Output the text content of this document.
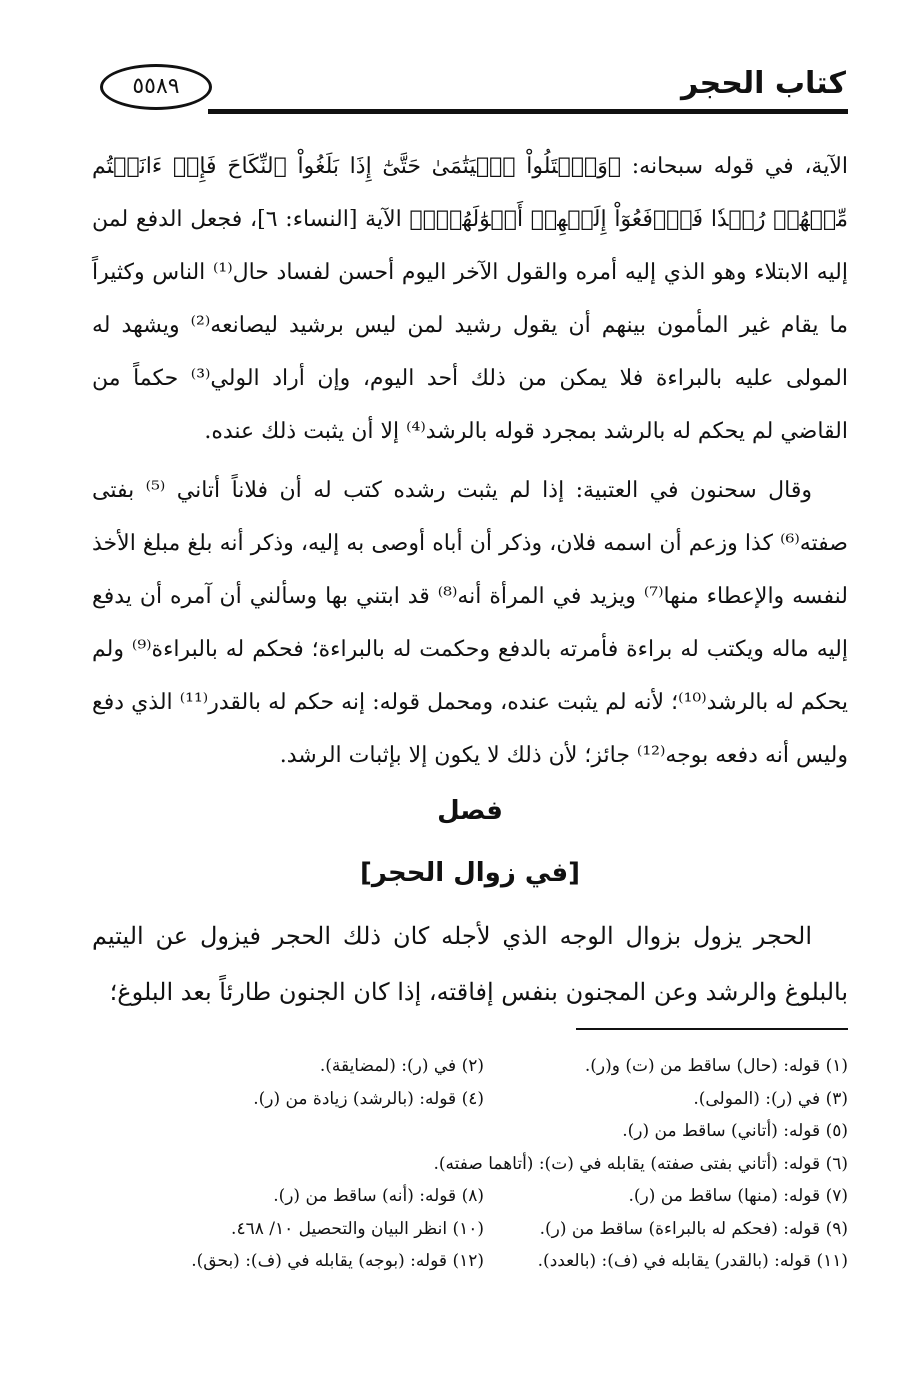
٥٥٨٩	كتاب الحجر

الآية، في قوله سبحانه: ﴿وَٱبۡتَلُواْ ٱلۡيَتَٰمَىٰ حَتَّىٰٓ إِذَا بَلَغُواْ ٱلنِّكَاحَ فَإِنۡ ءَانَسۡتُم مِّنۡهُمۡ رُشۡدٗا فَٱدۡفَعُوٓاْ إِلَيۡهِمۡ أَمۡوَٰلَهُمۡۖ﴾ الآية [النساء: ٦]، فجعل الدفع لمن إليه الابتلاء وهو الذي إليه أمره والقول الآخر اليوم أحسن لفساد حال⁽¹⁾ الناس وكثيراً ما يقام غير المأمون بينهم أن يقول رشيد لمن ليس برشيد ليصانعه⁽²⁾ ويشهد له المولى عليه بالبراءة فلا يمكن من ذلك أحد اليوم، وإن أراد الولي⁽³⁾ حكماً من القاضي لم يحكم له بالرشد بمجرد قوله بالرشد⁽⁴⁾ إلا أن يثبت ذلك عنده.

وقال سحنون في العتبية: إذا لم يثبت رشده كتب له أن فلاناً أتاني ⁽⁵⁾ بفتى صفته⁽⁶⁾ كذا وزعم أن اسمه فلان، وذكر أن أباه أوصى به إليه، وذكر أنه بلغ مبلغ الأخذ لنفسه والإعطاء منها⁽⁷⁾ ويزيد في المرأة أنه⁽⁸⁾ قد ابتني بها وسألني أن آمره أن يدفع إليه ماله ويكتب له براءة فأمرته بالدفع وحكمت له بالبراءة؛ فحكم له بالبراءة⁽⁹⁾ ولم يحكم له بالرشد⁽¹⁰⁾؛ لأنه لم يثبت عنده، ومحمل قوله: إنه حكم له بالقدر⁽¹¹⁾ الذي دفع وليس أنه دفعه بوجه⁽¹²⁾ جائز؛ لأن ذلك لا يكون إلا بإثبات الرشد.

فصل
[في زوال الحجر]
الحجر يزول بزوال الوجه الذي لأجله كان ذلك الحجر فيزول عن اليتيم بالبلوغ والرشد وعن المجنون بنفس إفاقته، إذا كان الجنون طارئاً بعد البلوغ؛
(١) قوله: (حال) ساقط من (ت) و(ر).
(٢) في (ر): (لمضايقة).
(٣) في (ر): (المولى).
(٤) قوله: (بالرشد) زيادة من (ر).
(٥) قوله: (أتاني) ساقط من (ر).
(٦) قوله: (أتاني بفتى صفته) يقابله في (ت): (أتاهما صفته).
(٧) قوله: (منها) ساقط من (ر).
(٨) قوله: (أنه) ساقط من (ر).
(٩) قوله: (فحكم له بالبراءة) ساقط من (ر).
(١٠) انظر البيان والتحصيل ١٠/ ٤٦٨.
(١١) قوله: (بالقدر) يقابله في (ف): (بالعدد).
(١٢) قوله: (بوجه) يقابله في (ف): (بحق).
